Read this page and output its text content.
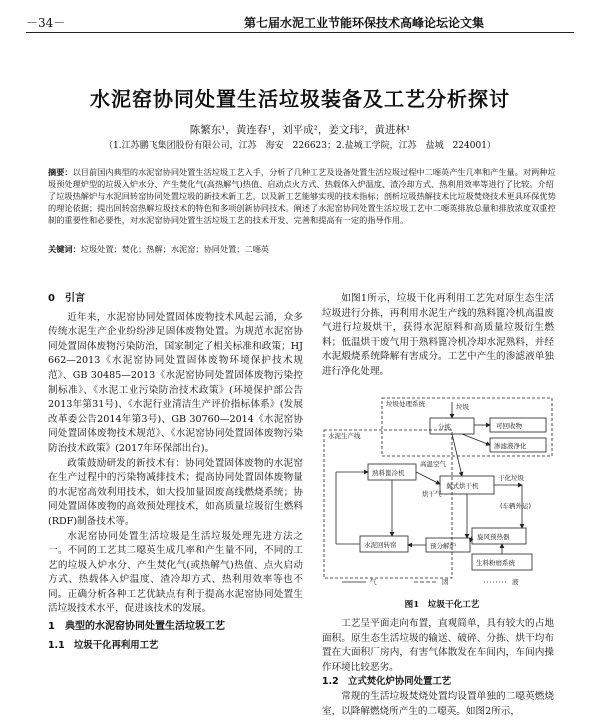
－34－	第七届水泥工业节能环保技术高峰论坛论文集
水泥窑协同处置生活垃圾装备及工艺分析探讨
陈繁东¹，黄连春¹，刘平成²，姜文玮²，黄进林¹
（1.江苏鹏飞集团股份有限公司，江苏　海安　226623；2.盐城工学院，江苏　盐城　224001）
摘要：以目前国内典型的水泥窑协同处置生活垃圾工艺入手，分析了几种工艺及设备处置生活垃圾过程中二噁英产生几率和产生量。对两种垃圾预处理炉型的垃圾入炉水分、产生焚化气(高热解气)热值、启动点火方式、热载体入炉温度、渣冷却方式、热利用效率等进行了比较。介绍了垃圾热解炉与水泥回转窑协同处置垃圾的新技术新工艺，以及新工艺能够实现的技术指标；剖析垃圾热解技术比垃圾焚烧技术更具环保优势的理论依据；提出回转窑热解垃圾技术的特色和多项创新协同技术。阐述了水泥窑协同处置生活垃圾工艺中二噁英排放总量和排放浓度双重控制的重要性和必要性，对水泥窑协同处置生活垃圾工艺的技术开发、完善和提高有一定的指导作用。
关键词：垃圾处置；焚化；热解；水泥窑；协同处置；二噁英
0　引言

近年来，水泥窑协同处置固体废物技术风起云涌，众多传统水泥生产企业纷纷涉足固体废物处置。为规范水泥窑协同处置固体废物污染防治，国家制定了相关标准和政策；HJ 662—2013《水泥窑协同处置固体废物环境保护技术规范》、GB 30485—2013《水泥窑协同处置固体废物污染控制标准》、《水泥工业污染防治技术政策》(环境保护部公告2013年第31号)、《水泥行业清洁生产评价指标体系》(发展改革委公告2014年第3号)、GB 30760—2014《水泥窑协同处置固体废物技术规范》、《水泥窑协同处置固体废物污染防治技术政策》(2017年环保部出台)。

政策鼓励研发的新技术有：协同处置固体废物的水泥窑在生产过程中的污染物减排技术；提高协同处置固体废物量的水泥窑高效利用技术，如大投加量固废高线燃烧系统；协同处置固体废物的高效预处理技术，如高质量垃圾衍生燃料(RDF)制备技术等。

水泥窑协同处置生活垃圾是生活垃圾处理先进方法之一。不同的工艺其二噁英生成几率和产生量不同，不同的工艺的垃圾入炉水分、产生焚化气(或热解气)热值、点火启动方式、热载体入炉温度、渣冷却方式、热利用效率等也不同。正确分析各种工艺优缺点有利于提高水泥窑协同处置生活垃圾技术水平，促进该技术的发展。

1　典型的水泥窑协同处置生活垃圾工艺
1.1　垃圾干化再利用工艺

如图1所示，垃圾干化再利用工艺先对原生态生活垃圾进行分拣，再利用水泥生产线的熟料篦冷机高温废气进行垃圾烘干，获得水泥原料和高质量垃圾衍生燃料；低温烘干废气用于熟料篦冷机冷却水泥熟料，并经水泥煅烧系统降解有害成分。工艺中产生的渗滤液单独进行净化处理。

垃圾处理系统	垃圾
分拣	可回收物
渗滤液净化
水泥生产线
高温空气
熟料篦冷机
干化垃圾
翼式烘干机
烘干气
(车辆外运)
水泥回转窑	预分解炉
旋风预热器
生料粉磨系统
气	固	液
图1　垃圾干化工艺

工艺呈平面走向布置，直观简单，具有较大的占地面积。原生态生活垃圾的输送、破碎、分拣、烘干均布置在大面积厂房内，有害气体散发在车间内，车间内操作环境比较恶劣。

1.2　立式焚化炉协同处置工艺

常规的生活垃圾焚烧处置均设置单独的二噁英燃烧室，以降解燃烧所产生的二噁英。如图2所示，
